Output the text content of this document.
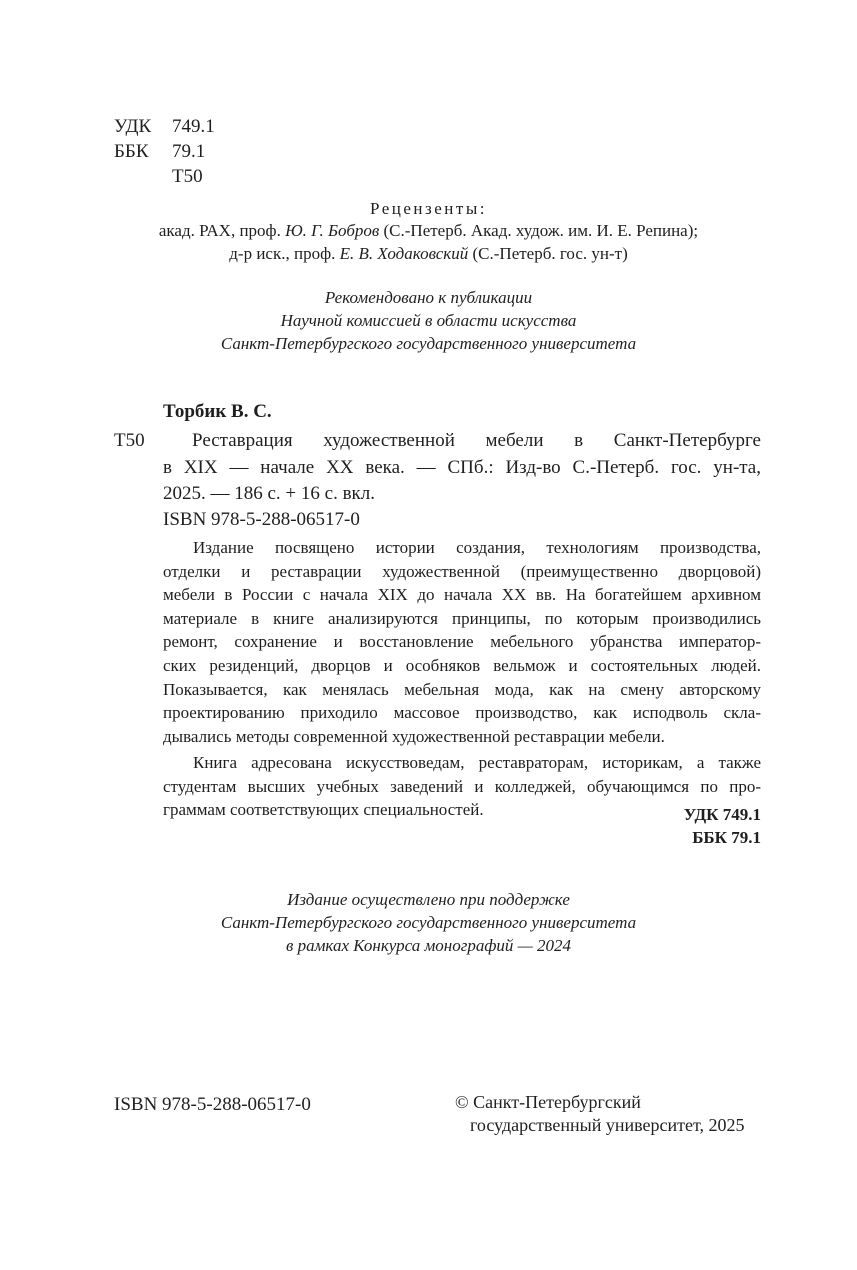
УДК 749.1
ББК 79.1
Т50
Рецензенты:
акад. РАХ, проф. Ю. Г. Бобров (С.-Петерб. Акад. худож. им. И. Е. Репина);
д-р иск., проф. Е. В. Ходаковский (С.-Петерб. гос. ун-т)
Рекомендовано к публикации
Научной комиссией в области искусства
Санкт-Петербургского государственного университета
Торбик В. С.
Т50 Реставрация художественной мебели в Санкт-Петербурге
в XIX — начале XX века. — СПб.: Изд-во С.-Петерб. гос. ун-та,
2025. — 186 с. + 16 с. вкл.
ISBN 978-5-288-06517-0
Издание посвящено истории создания, технологиям производства,
отделки и реставрации художественной (преимущественно дворцовой)
мебели в России с начала XIX до начала XX вв. На богатейшем архивном
материале в книге анализируются принципы, по которым производились
ремонт, сохранение и восстановление мебельного убранства император-
ских резиденций, дворцов и особняков вельмож и состоятельных людей.
Показывается, как менялась мебельная мода, как на смену авторскому
проектированию приходило массовое производство, как исподволь скла-
дывались методы современной художественной реставрации мебели.
Книга адресована искусствоведам, реставраторам, историкам, а также
студентам высших учебных заведений и колледжей, обучающимся по про-
граммам соответствующих специальностей.	УДК 749.1
ББК 79.1
Издание осуществлено при поддержке
Санкт-Петербургского государственного университета
в рамках Конкурса монографий — 2024
ISBN 978-5-288-06517-0	© Санкт-Петербургский
государственный университет, 2025
